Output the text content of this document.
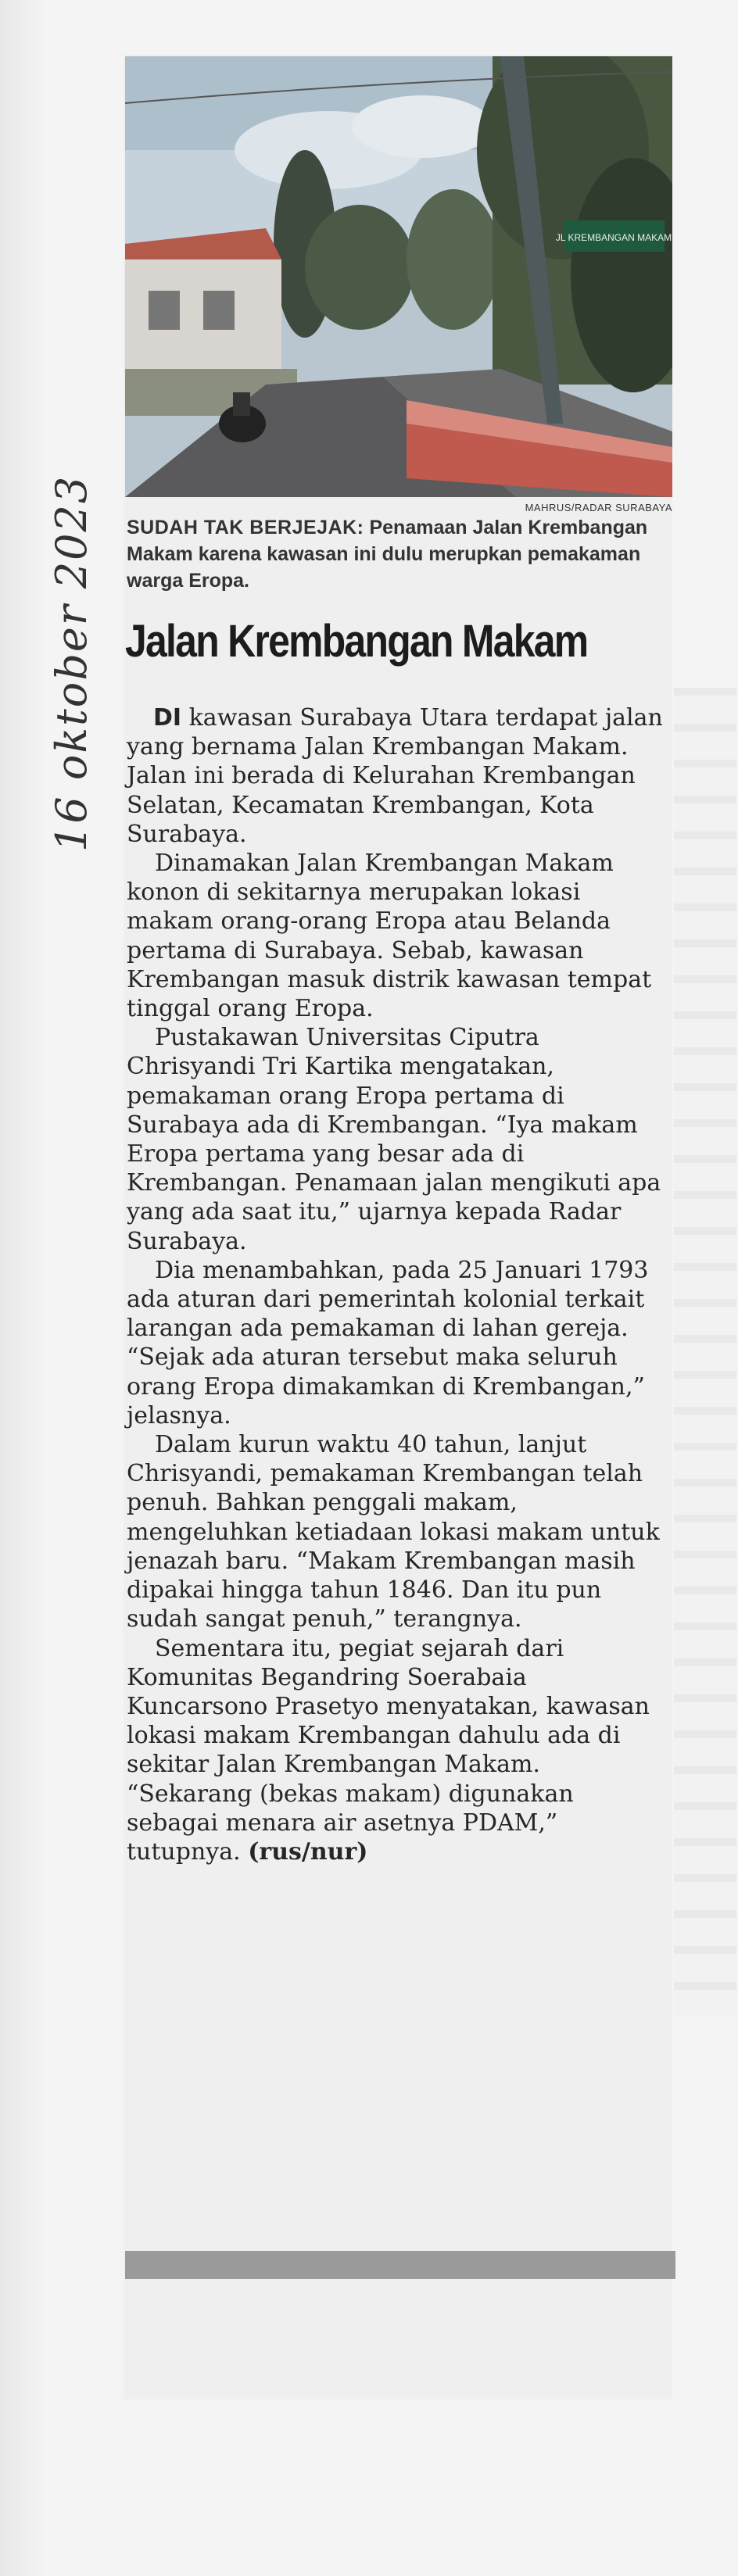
JL KREMBANGAN MAKAM
MAHRUS/RADAR SURABAYA
SUDAH TAK BERJEJAK: Penamaan Jalan Krembangan Makam karena kawasan ini dulu merupkan pemakaman warga Eropa.
Jalan Krembangan Makam
16 oktober 2023	DI kawasan Surabaya Utara terdapat jalan yang bernama Jalan Krembangan Makam. Jalan ini berada di Kelurahan Krembangan Selatan, Kecamatan Krembangan, Kota Surabaya.

Dinamakan Jalan Krembangan Makam konon di sekitarnya merupakan lokasi makam orang-orang Eropa atau Belanda pertama di Surabaya. Sebab, kawasan Krembangan masuk distrik kawasan tempat tinggal orang Eropa.

Pustakawan Universitas Ciputra Chrisyandi Tri Kartika mengatakan, pemakaman orang Eropa pertama di Surabaya ada di Krembangan. “Iya makam Eropa pertama yang besar ada di Krembangan. Penamaan jalan mengikuti apa yang ada saat itu,” ujarnya kepada Radar Surabaya.

Dia menambahkan, pada 25 Januari 1793 ada aturan dari pemerintah kolonial terkait larangan ada pemakaman di lahan gereja. “Sejak ada aturan tersebut maka seluruh orang Eropa dimakamkan di Krembangan,” jelasnya.

Dalam kurun waktu 40 tahun, lanjut Chrisyandi, pemakaman Krembangan telah penuh. Bahkan penggali makam, mengeluhkan ketiadaan lokasi makam untuk jenazah baru. “Makam Krembangan masih dipakai hingga tahun 1846. Dan itu pun sudah sangat penuh,” terangnya.

Sementara itu, pegiat sejarah dari Komunitas Begandring Soerabaia Kuncarsono Prasetyo menyatakan, kawasan lokasi makam Krembangan dahulu ada di sekitar Jalan Krembangan Makam. “Sekarang (bekas makam) digunakan sebagai menara air asetnya PDAM,” tutupnya. (rus/nur)
